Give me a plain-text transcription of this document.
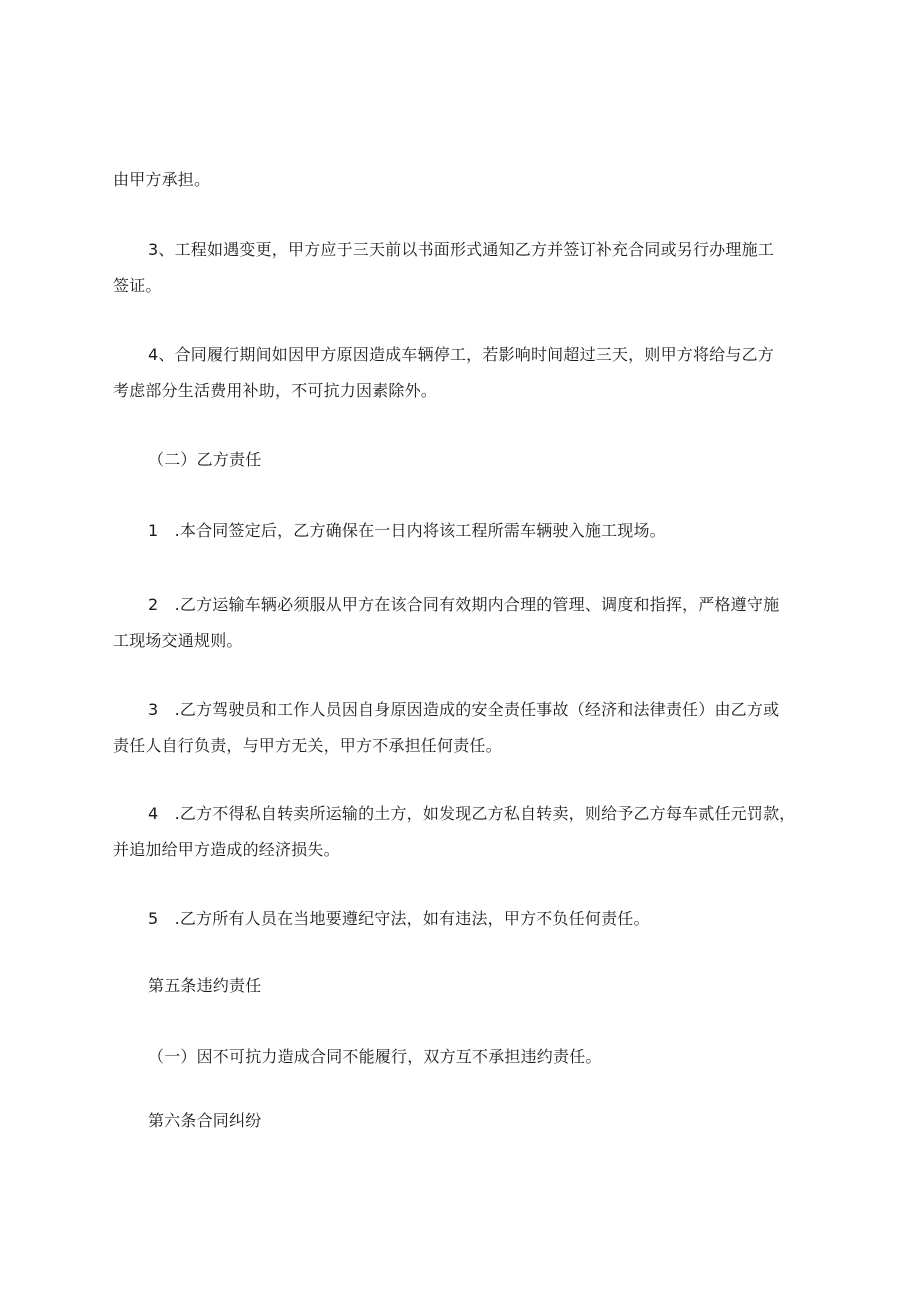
由甲方承担。

3、工程如遇变更，甲方应于三天前以书面形式通知乙方并签订补充合同或另行办理施工

签证。

4、合同履行期间如因甲方原因造成车辆停工，若影响时间超过三天，则甲方将给与乙方

考虑部分生活费用补助，不可抗力因素除外。

（二）乙方责任

1　.本合同签定后，乙方确保在一日内将该工程所需车辆驶入施工现场。

2　.乙方运输车辆必须服从甲方在该合同有效期内合理的管理、调度和指挥，严格遵守施

工现场交通规则。

3　.乙方驾驶员和工作人员因自身原因造成的安全责任事故（经济和法律责任）由乙方或

责任人自行负责，与甲方无关，甲方不承担任何责任。

4　.乙方不得私自转卖所运输的土方，如发现乙方私自转卖，则给予乙方每车贰任元罚款，

并追加给甲方造成的经济损失。

5　.乙方所有人员在当地要遵纪守法，如有违法，甲方不负任何责任。

第五条违约责任

（一）因不可抗力造成合同不能履行，双方互不承担违约责任。

第六条合同纠纷
